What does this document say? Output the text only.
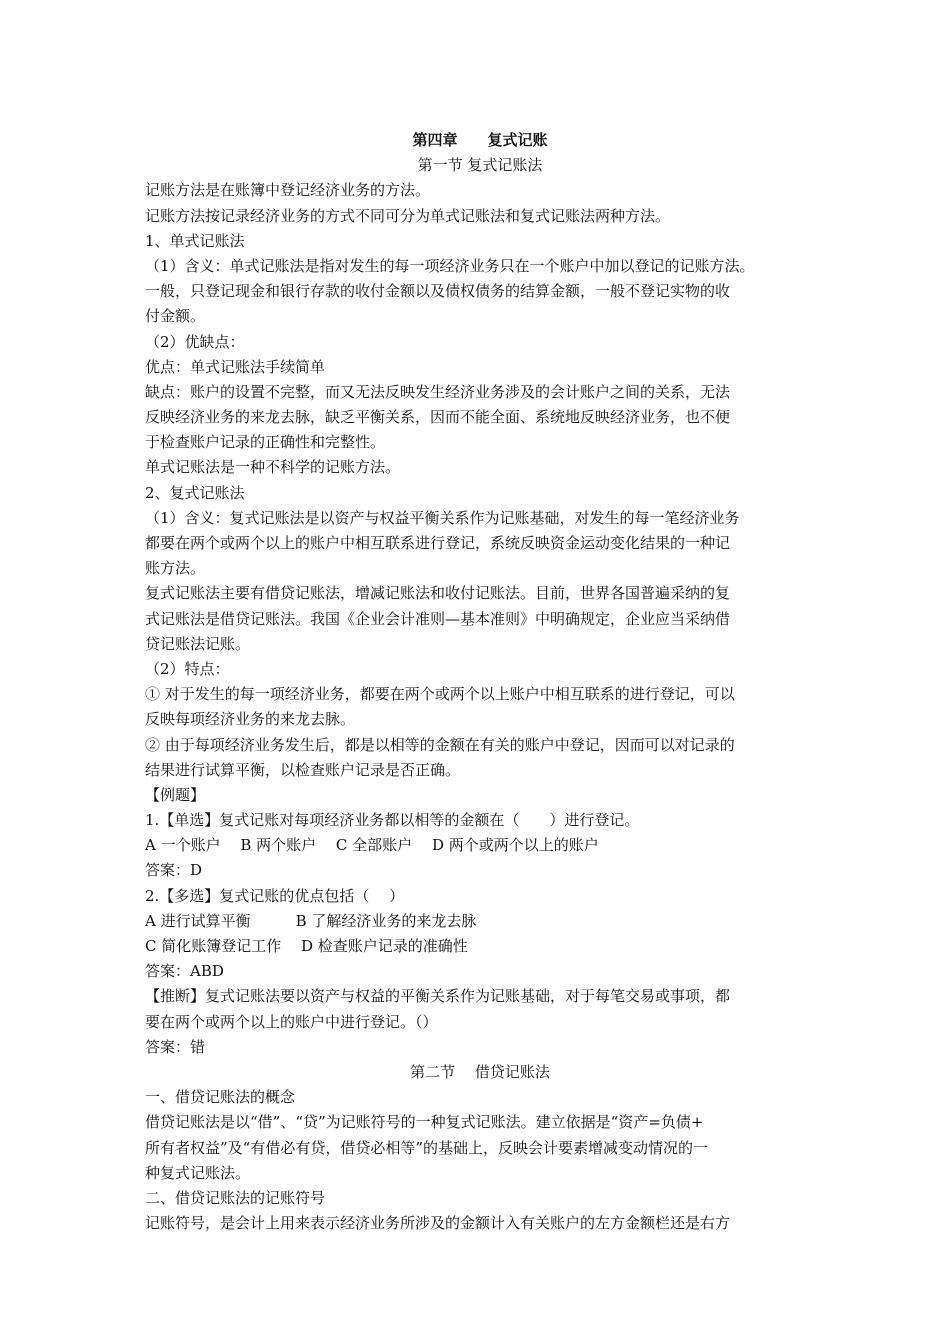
第四章　　复式记账
第一节 复式记账法
记账方法是在账簿中登记经济业务的方法。
记账方法按记录经济业务的方式不同可分为单式记账法和复式记账法两种方法。
1、单式记账法
（1）含义：单式记账法是指对发生的每一项经济业务只在一个账户中加以登记的记账方法。
一般，只登记现金和银行存款的收付金额以及债权债务的结算金额，一般不登记实物的收
付金额。
（2）优缺点：
优点：单式记账法手续简单
缺点：账户的设置不完整，而又无法反映发生经济业务涉及的会计账户之间的关系，无法
反映经济业务的来龙去脉，缺乏平衡关系，因而不能全面、系统地反映经济业务，也不便
于检查账户记录的正确性和完整性。
单式记账法是一种不科学的记账方法。
2、复式记账法
（1）含义：复式记账法是以资产与权益平衡关系作为记账基础，对发生的每一笔经济业务
都要在两个或两个以上的账户中相互联系进行登记，系统反映资金运动变化结果的一种记
账方法。
复式记账法主要有借贷记账法，增减记账法和收付记账法。目前，世界各国普遍采纳的复
式记账法是借贷记账法。我国《企业会计准则—基本准则》中明确规定，企业应当采纳借
贷记账法记账。
（2）特点：
① 对于发生的每一项经济业务，都要在两个或两个以上账户中相互联系的进行登记，可以
反映每项经济业务的来龙去脉。
② 由于每项经济业务发生后，都是以相等的金额在有关的账户中登记，因而可以对记录的
结果进行试算平衡，以检查账户记录是否正确。
【例题】
1.【单选】复式记账对每项经济业务都以相等的金额在（　　）进行登记。
A 一个账户　 B 两个账户　 C 全部账户　 D 两个或两个以上的账户
答案：D
2.【多选】复式记账的优点包括（　 ）
A 进行试算平衡　　　B 了解经济业务的来龙去脉
C 简化账簿登记工作　 D 检查账户记录的准确性
答案：ABD
【推断】复式记账法要以资产与权益的平衡关系作为记账基础，对于每笔交易或事项，都
要在两个或两个以上的账户中进行登记。（）
答案：错
第二节　 借贷记账法
一、借贷记账法的概念
借贷记账法是以“借”、“贷”为记账符号的一种复式记账法。建立依据是“资产=负债+
所有者权益”及“有借必有贷，借贷必相等”的基础上，反映会计要素增减变动情况的一
种复式记账法。
二、借贷记账法的记账符号
记账符号，是会计上用来表示经济业务所涉及的金额计入有关账户的左方金额栏还是右方
